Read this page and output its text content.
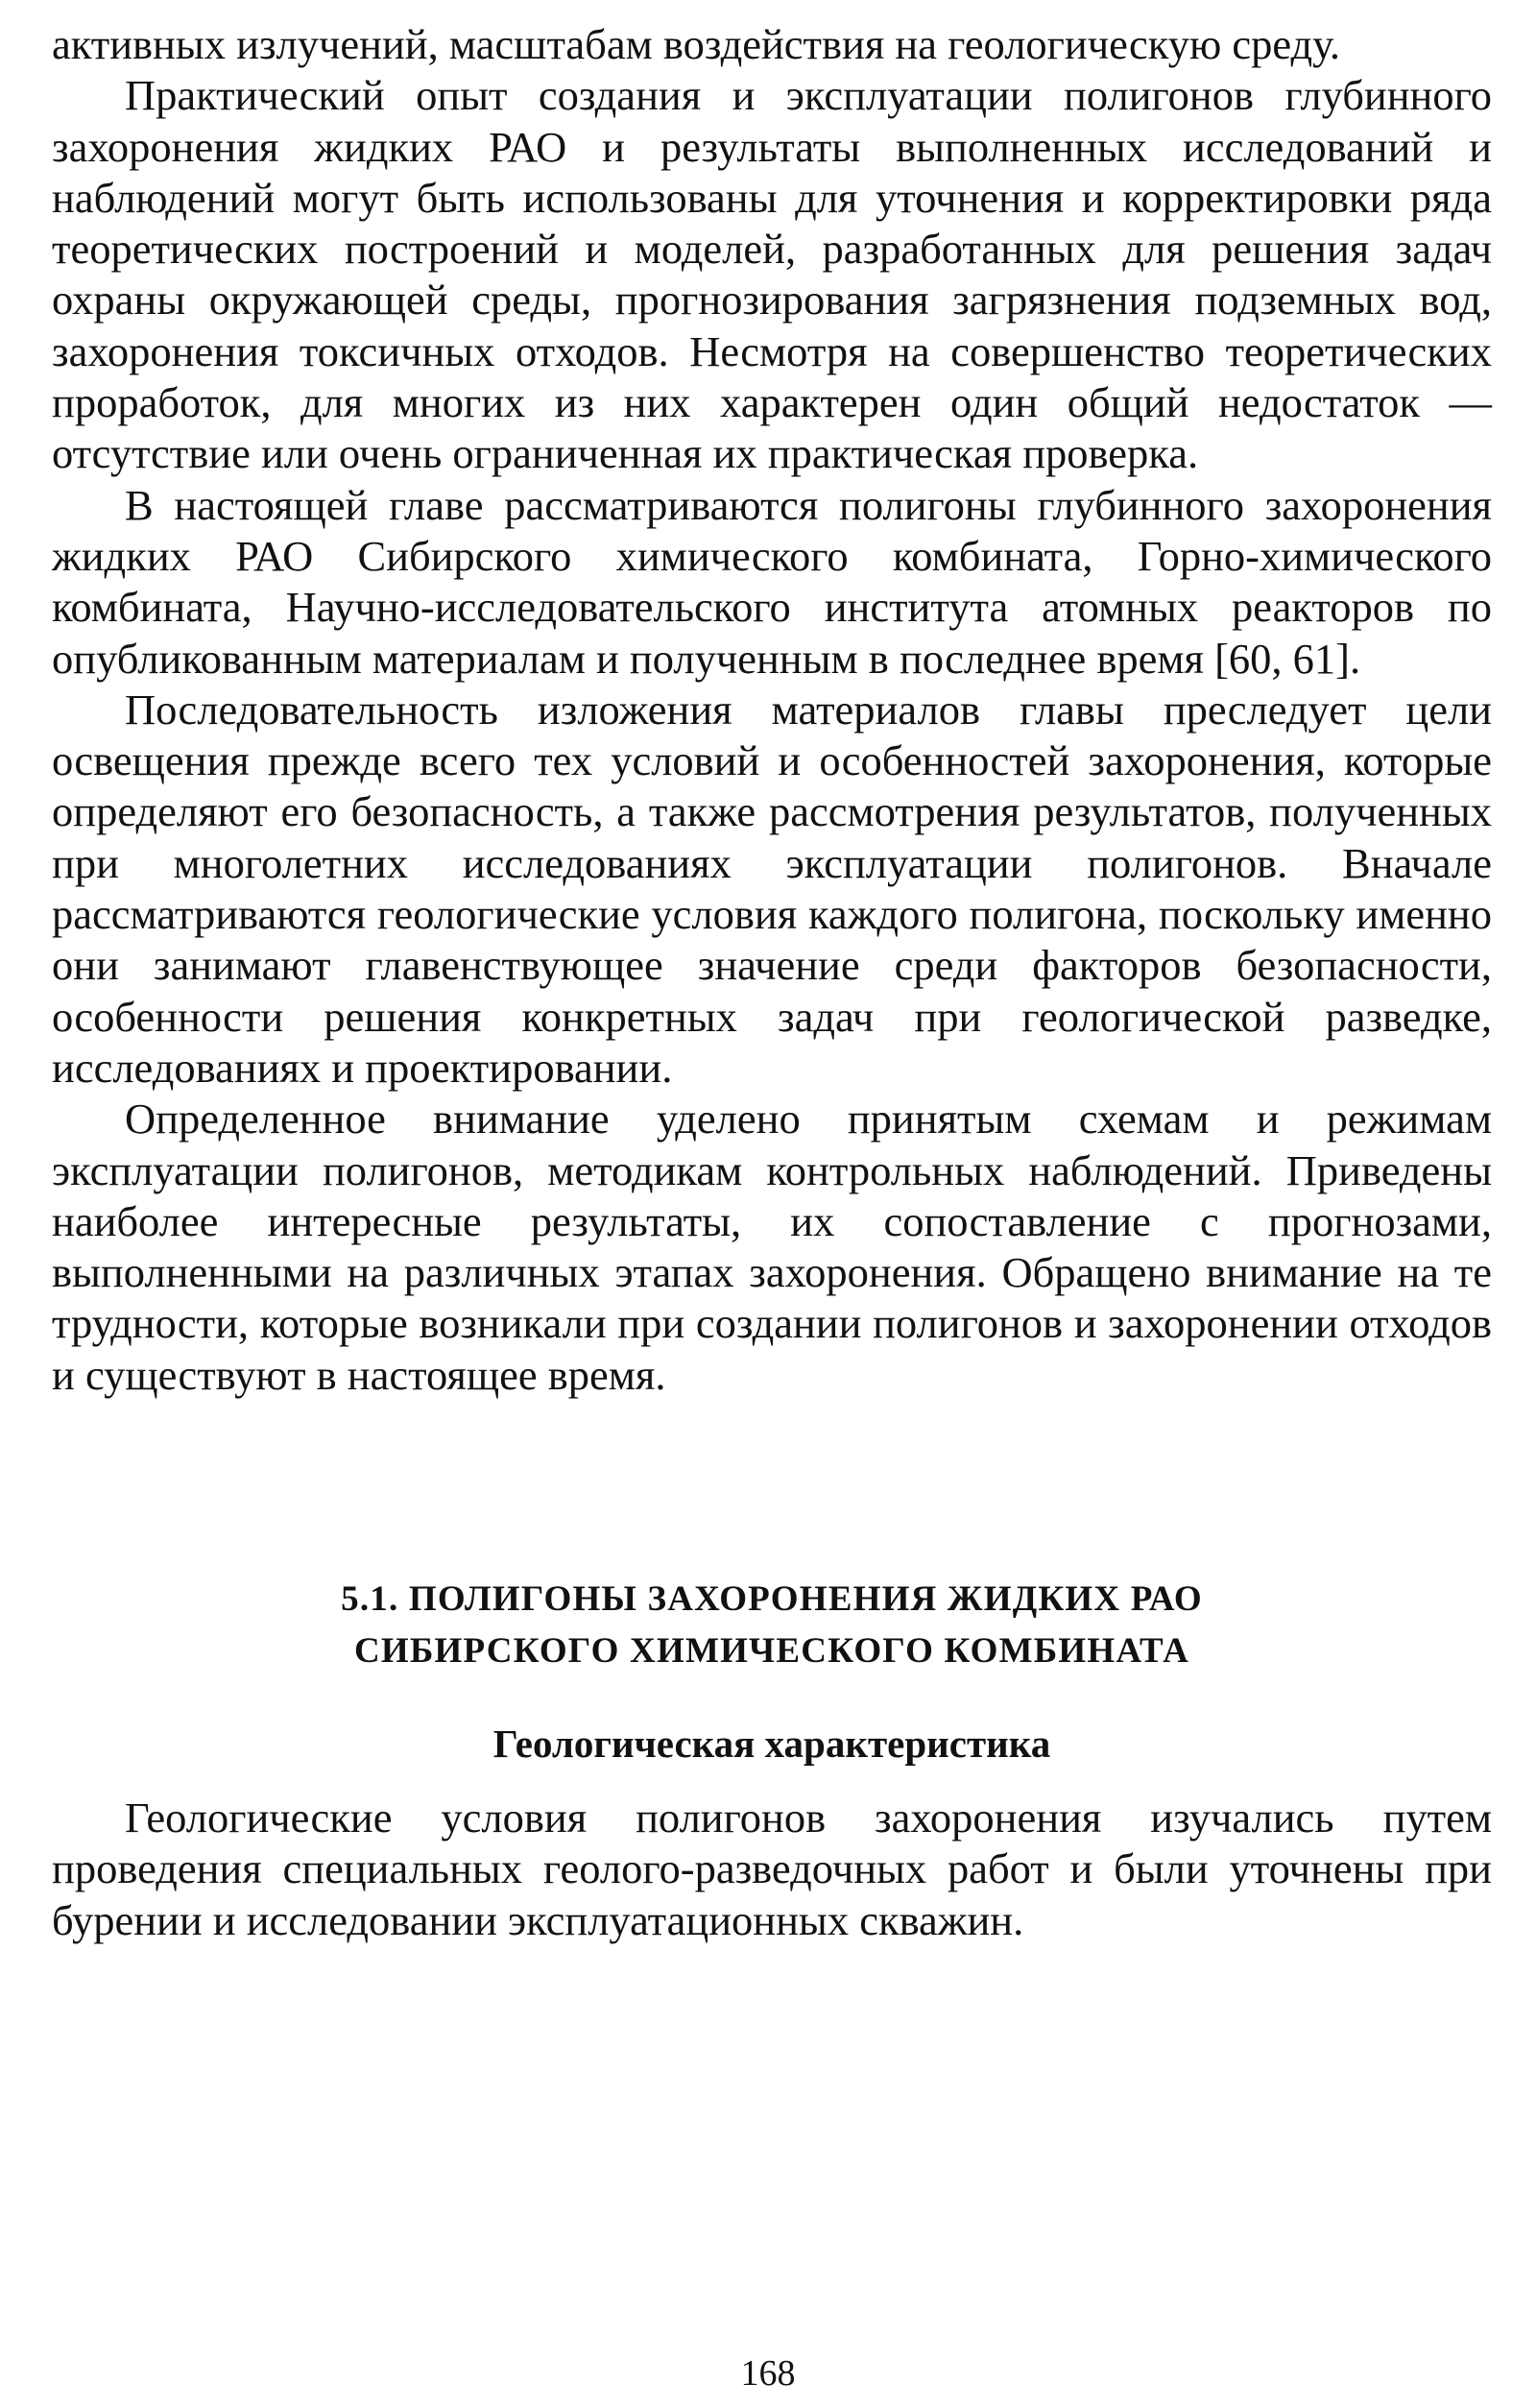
активных излучений, масштабам воздействия на геологическую среду.

Практический опыт создания и эксплуатации полигонов глубинного захоронения жидких РАО и результаты выполненных исследований и наблюдений могут быть использованы для уточнения и корректировки ряда теоретических построений и моделей, разработанных для решения задач охраны окружающей среды, прогнозирования загрязнения подземных вод, захоронения токсичных отходов. Несмотря на совершенство теоретических проработок, для многих из них характерен один общий недостаток — отсутствие или очень ограниченная их практическая проверка.

В настоящей главе рассматриваются полигоны глубинного захоронения жидких РАО Сибирского химического комбината, Горно-химического комбината, Научно-исследовательского института атомных реакторов по опубликованным материалам и полученным в последнее время [60, 61].

Последовательность изложения материалов главы преследует цели освещения прежде всего тех условий и особенностей захоронения, которые определяют его безопасность, а также рассмотрения результатов, полученных при многолетних исследованиях эксплуатации полигонов. Вначале рассматриваются геологические условия каждого полигона, поскольку именно они занимают главенствующее значение среди факторов безопасности, особенности решения конкретных задач при геологической разведке, исследованиях и проектировании.

Определенное внимание уделено принятым схемам и режимам эксплуатации полигонов, методикам контрольных наблюдений. Приведены наиболее интересные результаты, их сопоставление с прогнозами, выполненными на различных этапах захоронения. Обращено внимание на те трудности, которые возникали при создании полигонов и захоронении отходов и существуют в настоящее время.

5.1. ПОЛИГОНЫ ЗАХОРОНЕНИЯ ЖИДКИХ РАО
СИБИРСКОГО ХИМИЧЕСКОГО КОМБИНАТА
Геологическая характеристика

Геологические условия полигонов захоронения изучались путем проведения специальных геолого-разведочных работ и были уточнены при бурении и исследовании эксплуатационных скважин.

168
